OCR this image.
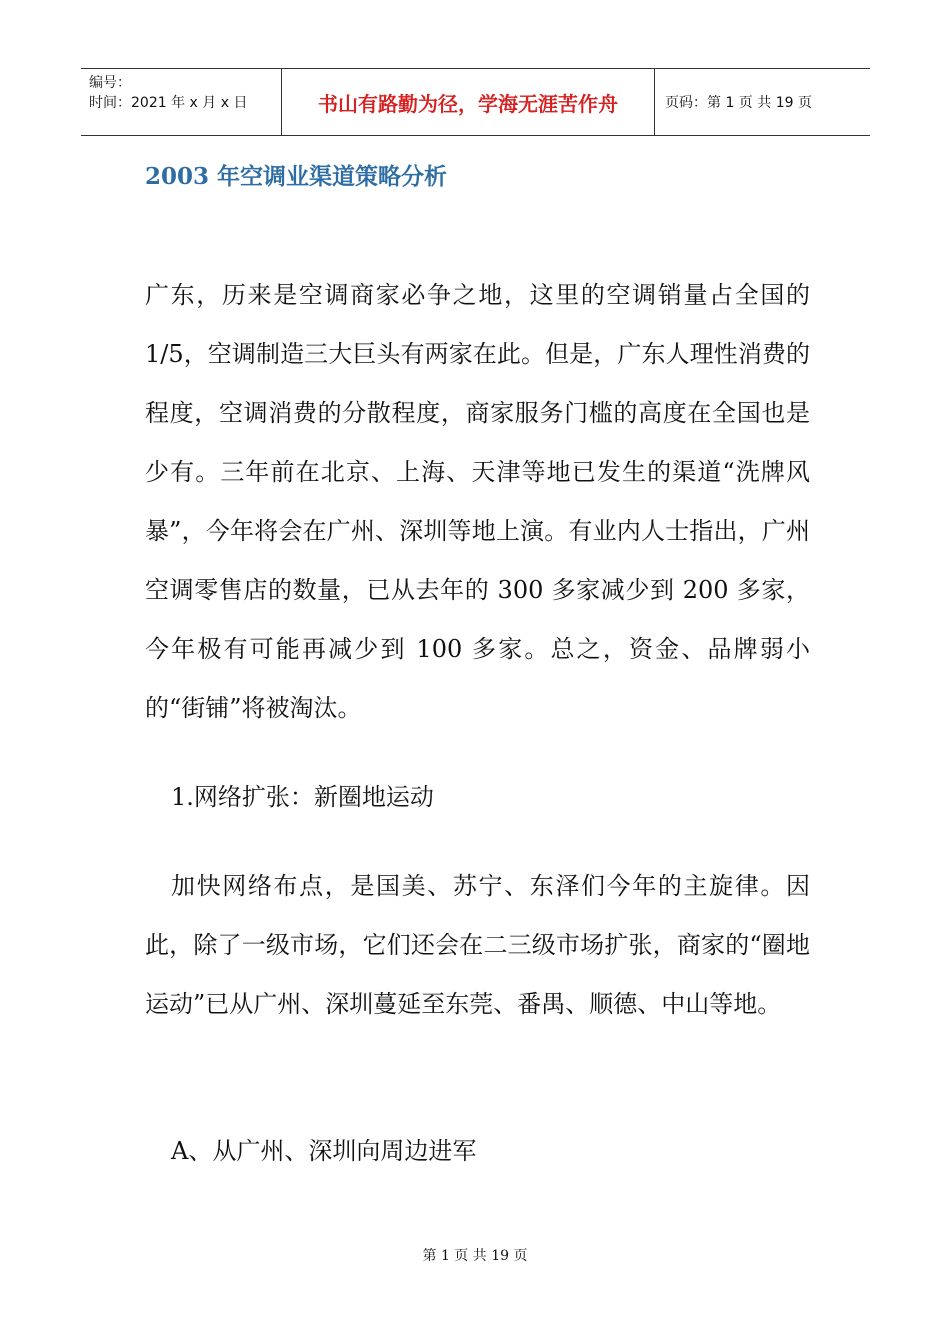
编号：
时间：2021 年 x 月 x 日	书山有路勤为径，学海无涯苦作舟	页码：第 1 页 共 19 页
2003 年空调业渠道策略分析

广东，历来是空调商家必争之地，这里的空调销量占全国的 1/5，空调制造三大巨头有两家在此。但是，广东人理性消费的程度，空调消费的分散程度，商家服务门槛的高度在全国也是少有。三年前在北京、上海、天津等地已发生的渠道“洗牌风暴”，今年将会在广州、深圳等地上演。有业内人士指出，广州空调零售店的数量，已从去年的 300 多家减少到 200 多家，今年极有可能再减少到 100 多家。总之，资金、品牌弱小的“街铺”将被淘汰。

1.网络扩张：新圈地运动

加快网络布点，是国美、苏宁、东泽们今年的主旋律。因此，除了一级市场，它们还会在二三级市场扩张，商家的“圈地运动”已从广州、深圳蔓延至东莞、番禺、顺德、中山等地。

A、从广州、深圳向周边进军

第 1 页 共 19 页
